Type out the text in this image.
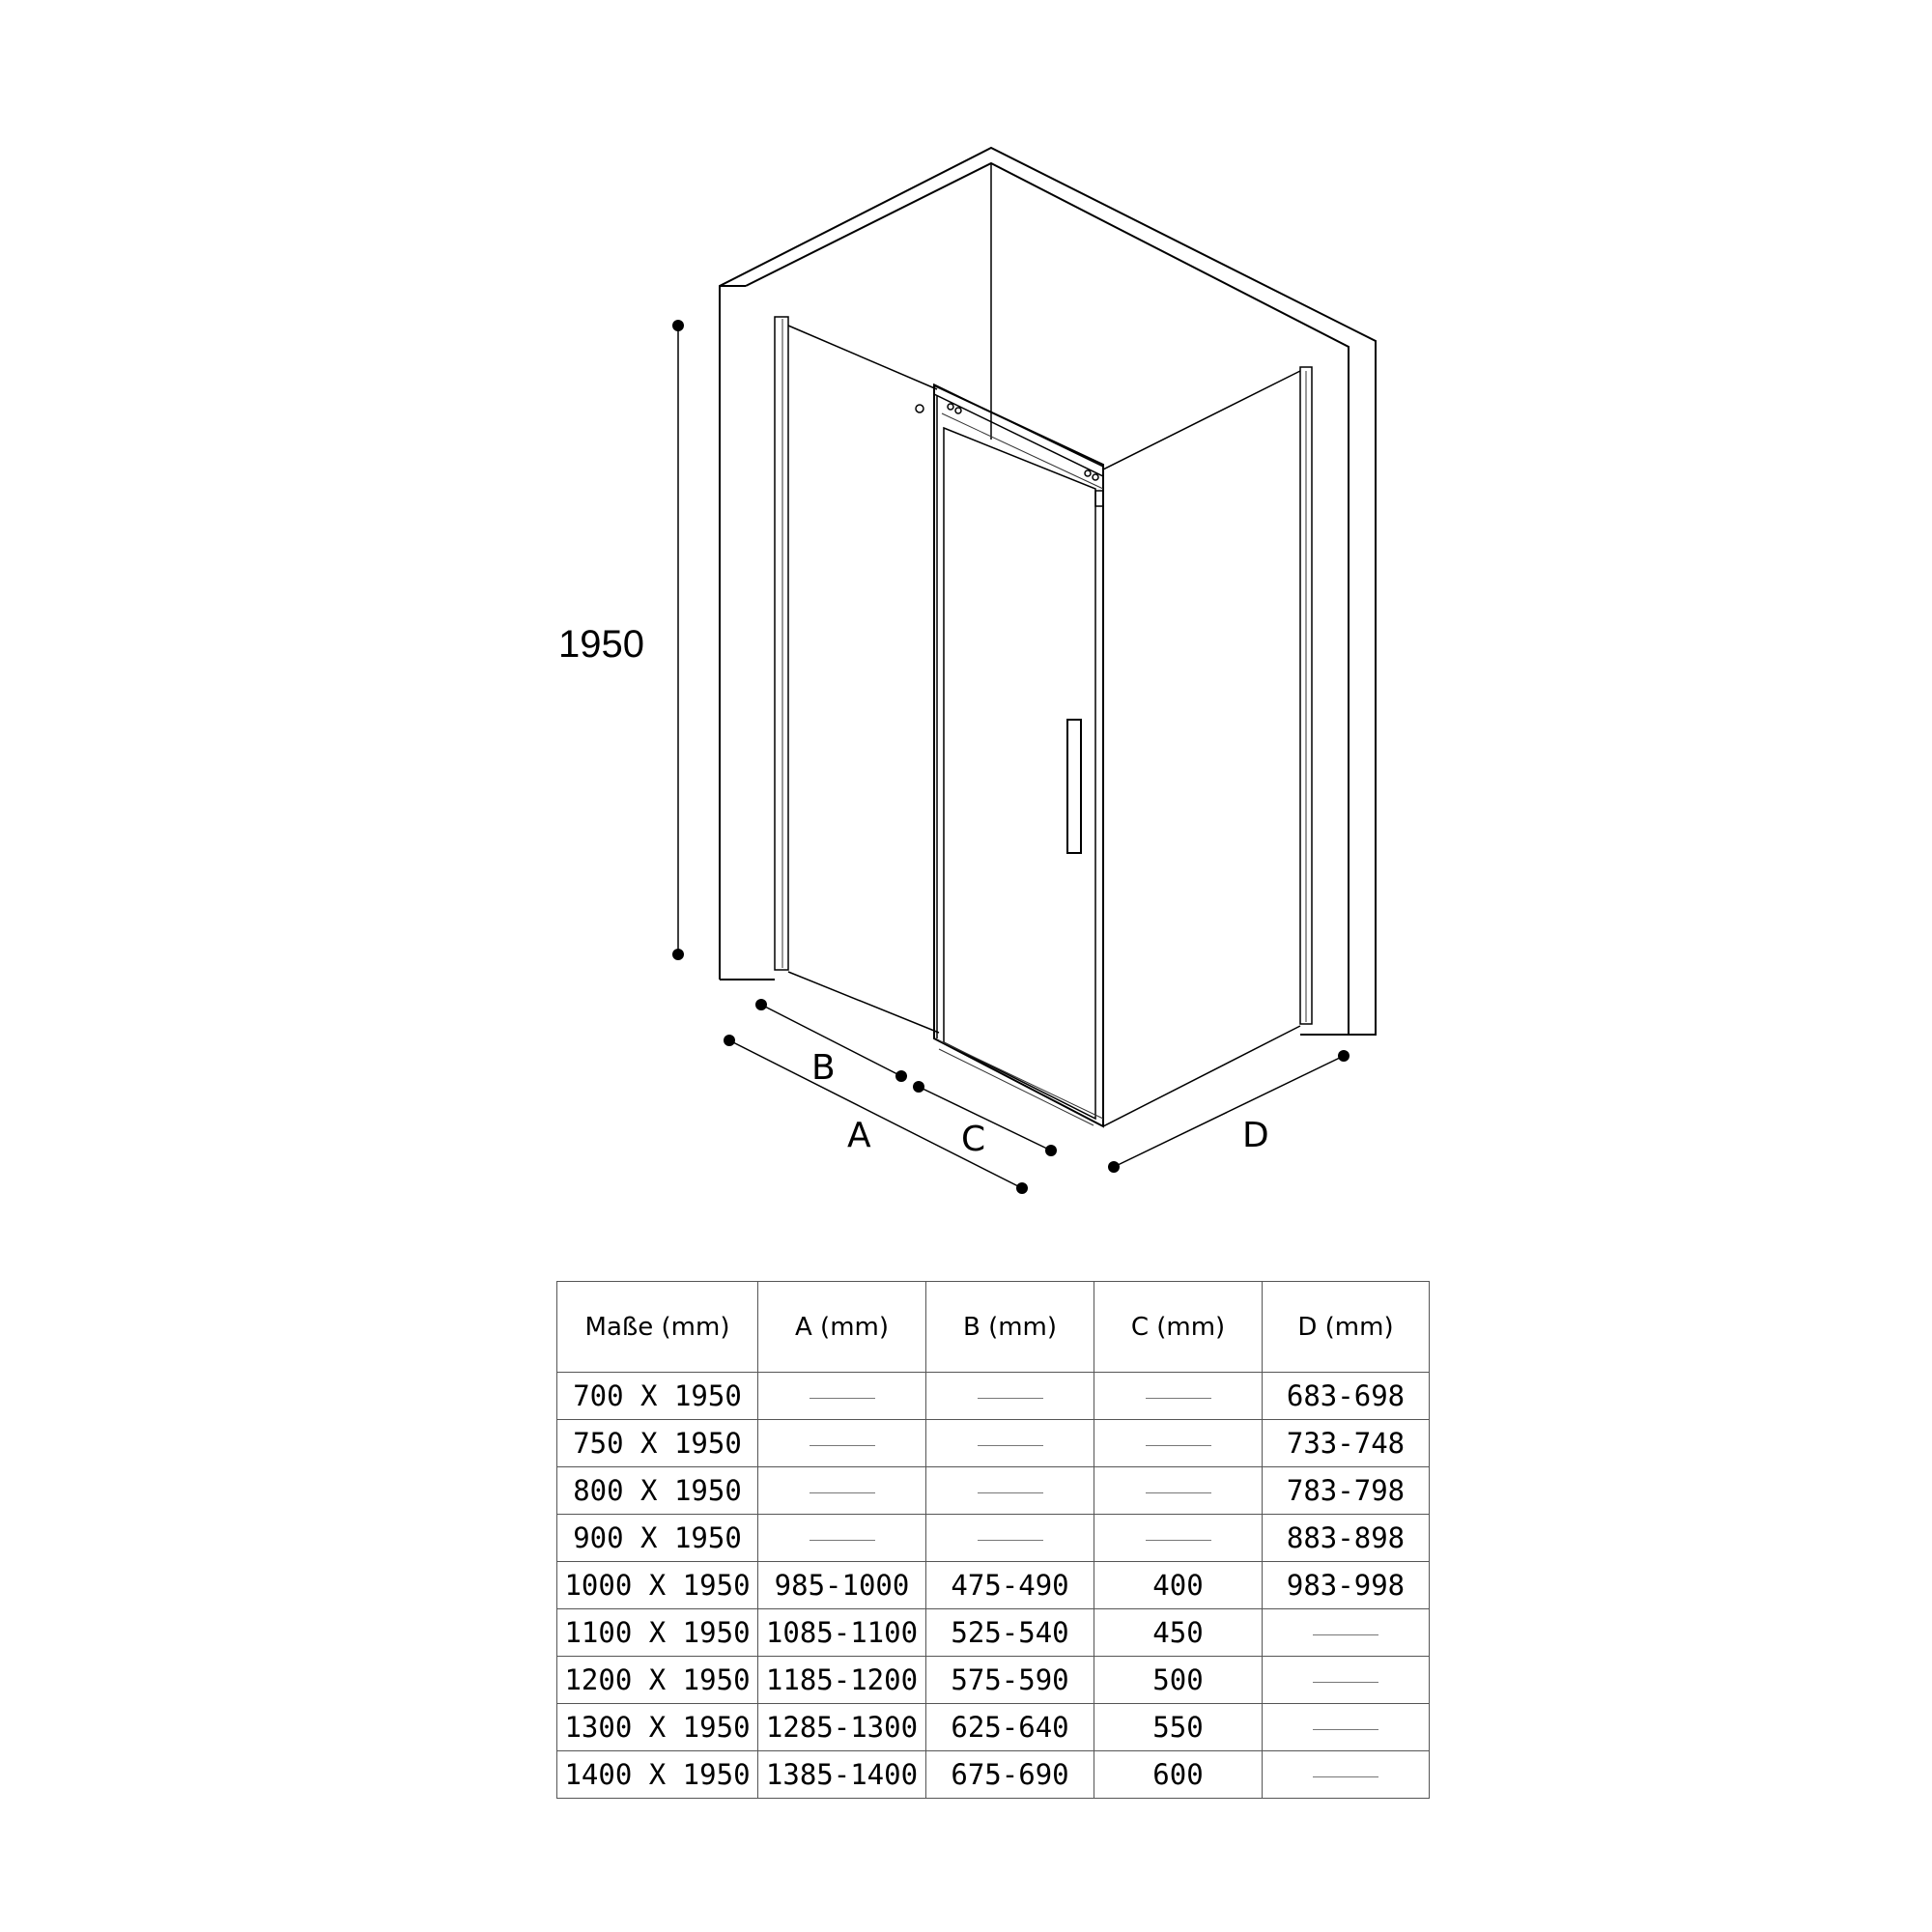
1950
B
A	C	D
Maße (mm)	A (mm)	B (mm)	C (mm)	D (mm)
700 X 1950				683-698
750 X 1950				733-748
800 X 1950				783-798
900 X 1950				883-898
1000 X 1950	985-1000	475-490	400	983-998
1100 X 1950	1085-1100	525-540	450	
1200 X 1950	1185-1200	575-590	500	
1300 X 1950	1285-1300	625-640	550	
1400 X 1950	1385-1400	675-690	600	
